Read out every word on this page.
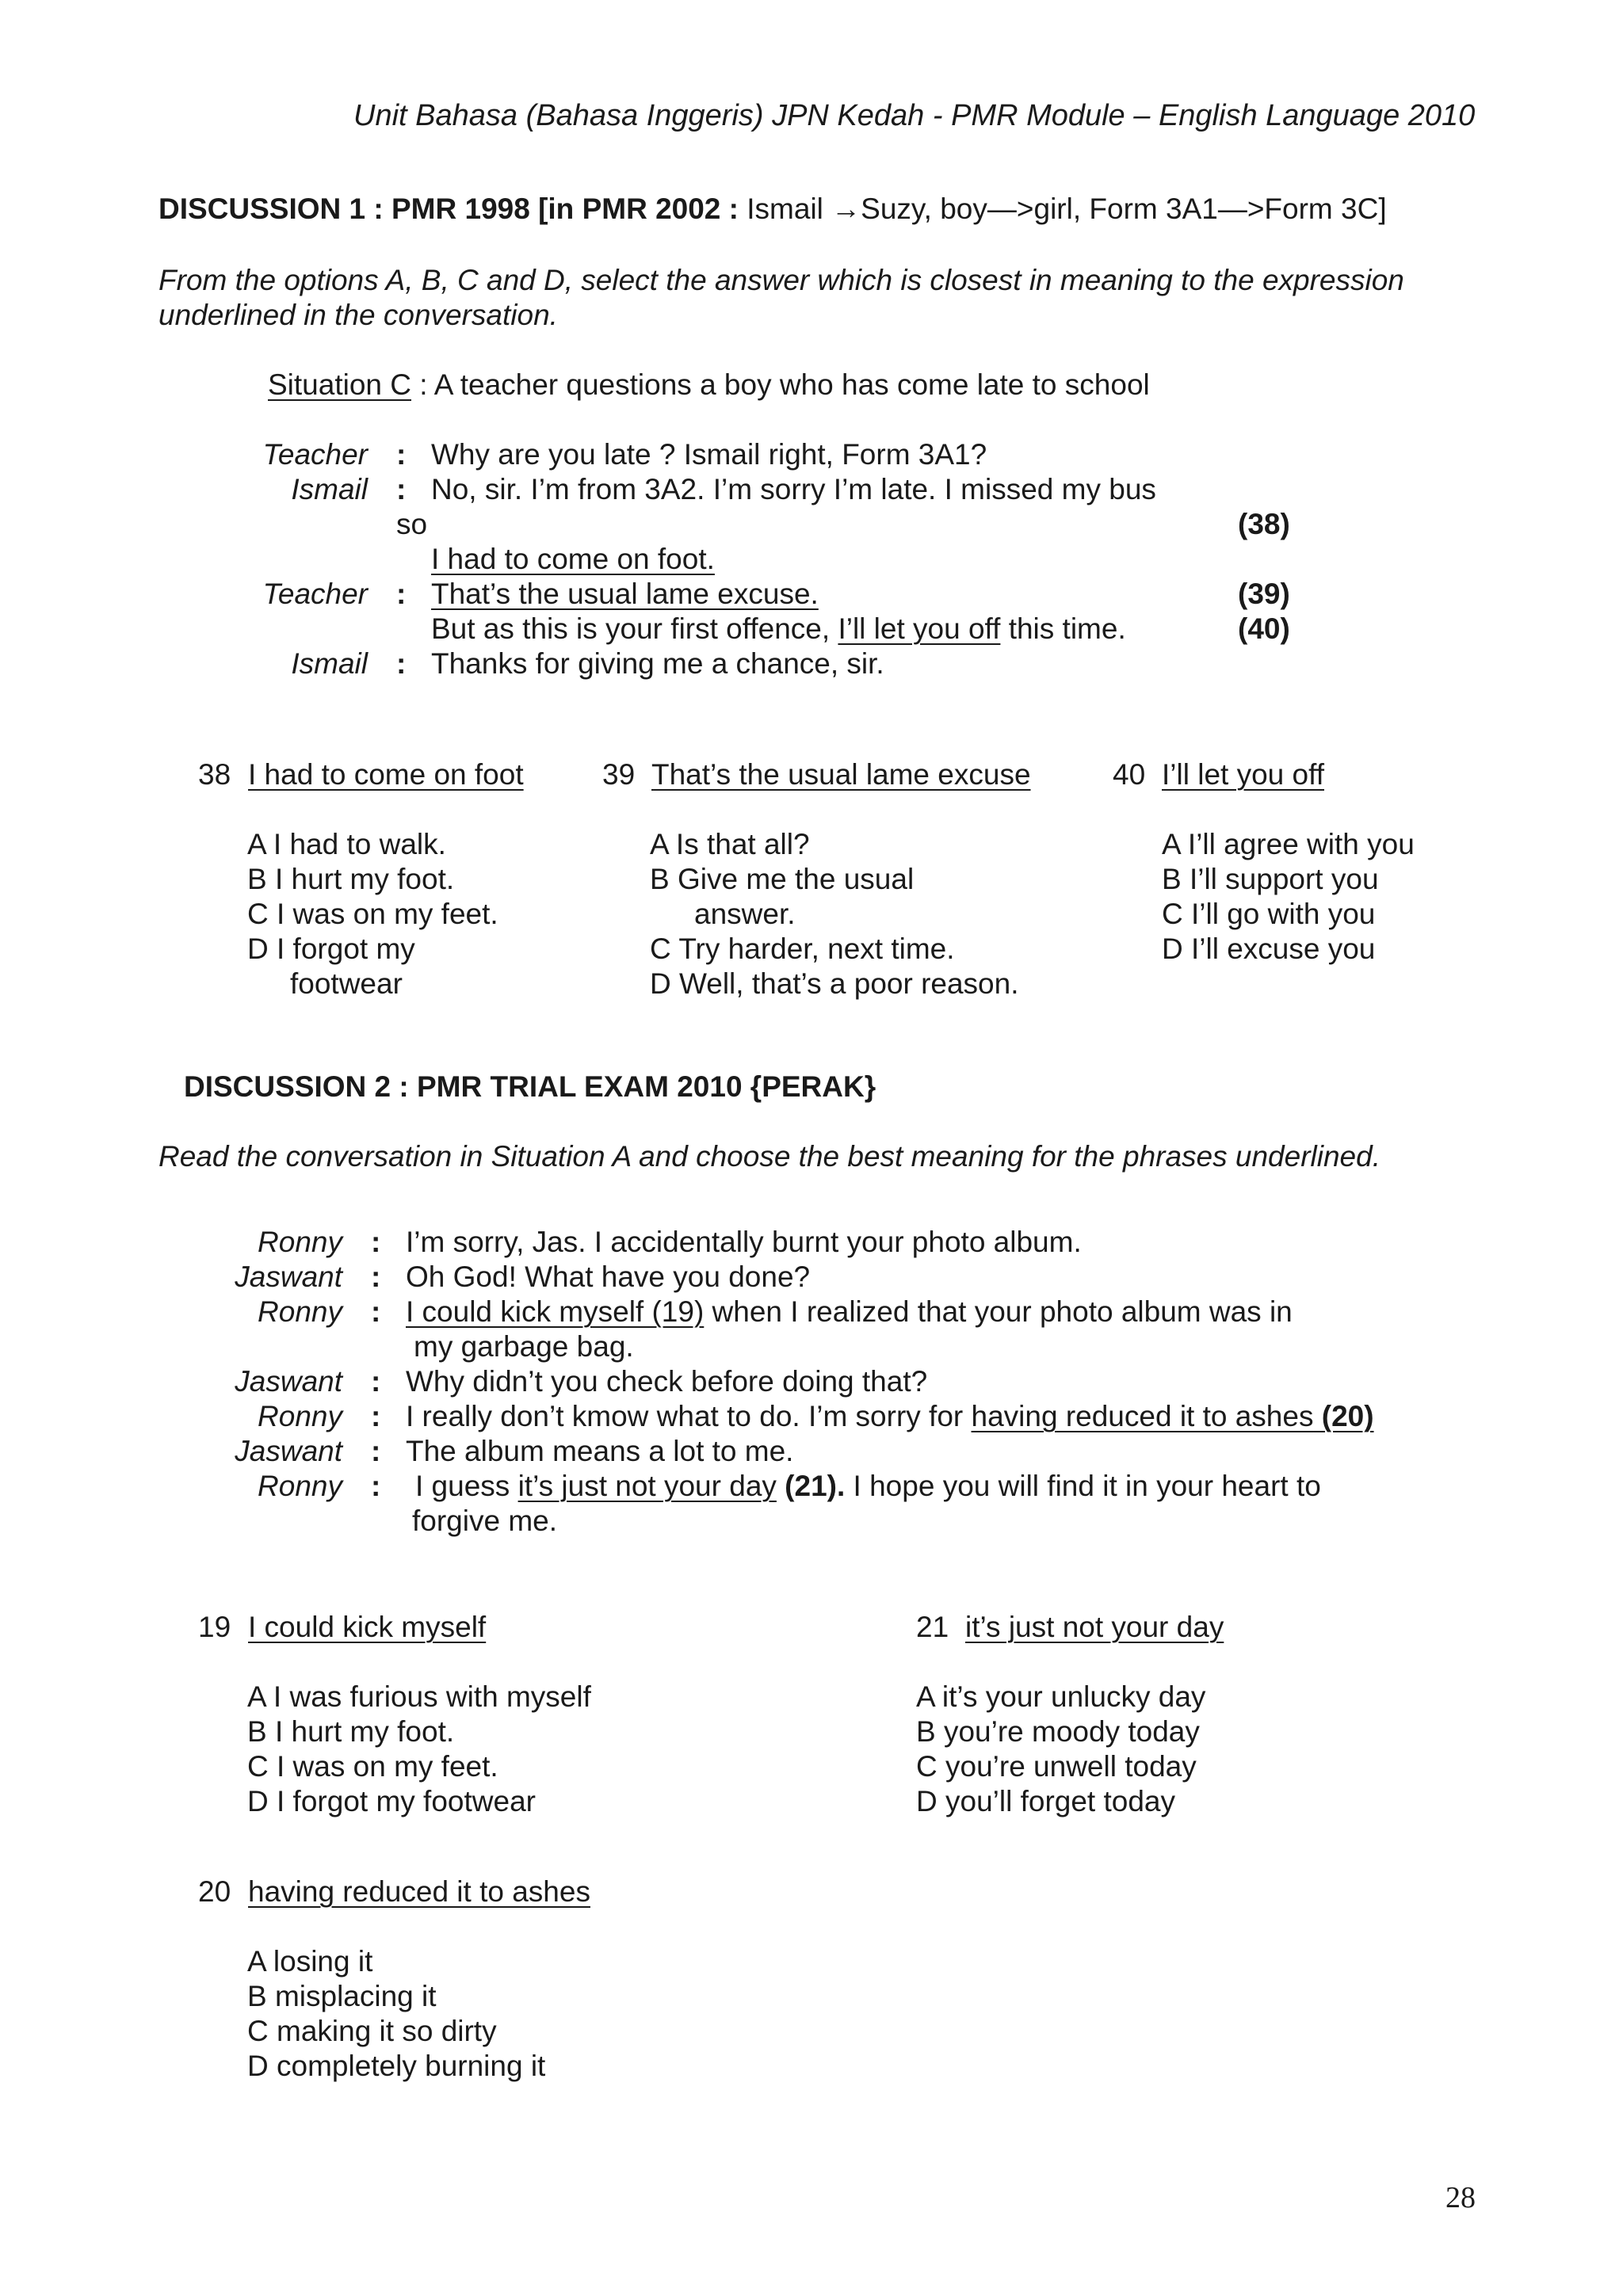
Unit Bahasa (Bahasa Inggeris) JPN Kedah - PMR Module – English Language 2010
DISCUSSION 1 : PMR 1998 [in PMR 2002 : Ismail →Suzy, boy—>girl, Form 3A1—>Form 3C]
From the options A, B, C and D, select the answer which is closest in meaning to the expression
underlined in the conversation.
Situation C : A teacher questions a boy who has come late to school
Teacher : Why are you late ? Ismail right, Form 3A1?
Ismail : No, sir. I’m from 3A2. I’m sorry I’m late. I missed my bus
so	(38)
I had to come on foot.
Teacher : That’s the usual lame excuse.	(39)
But as this is your first offence, I’ll let you off this time.	(40)
Ismail : Thanks for giving me a chance, sir.
38 I had to come on foot
A I had to walk.
B I hurt my foot.
C I was on my feet.
D I forgot my
footwear
39 That’s the usual lame excuse
A Is that all?
B Give me the usual
answer.
C Try harder, next time.
D Well, that’s a poor reason.
40 I’ll let you off
A I’ll agree with you
B I’ll support you
C I’ll go with you
D I’ll excuse you
DISCUSSION 2 : PMR TRIAL EXAM 2010 {PERAK}
Read the conversation in Situation A and choose the best meaning for the phrases underlined.
Ronny : I’m sorry, Jas. I accidentally burnt your photo album.
Jaswant : Oh God! What have you done?
Ronny : I could kick myself (19) when I realized that your photo album was in
my garbage bag.
Jaswant : Why didn’t you check before doing that?
Ronny : I really don’t kmow what to do. I’m sorry for having reduced it to ashes (20)
Jaswant : The album means a lot to me.
Ronny : I guess it’s just not your day (21). I hope you will find it in your heart to
forgive me.
19 I could kick myself
A I was furious with myself
B I hurt my foot.
C I was on my feet.
D I forgot my footwear
21 it’s just not your day
A it’s your unlucky day
B you’re moody today
C you’re unwell today
D you’ll forget today
20 having reduced it to ashes
A losing it
B misplacing it
C making it so dirty
D completely burning it
28
